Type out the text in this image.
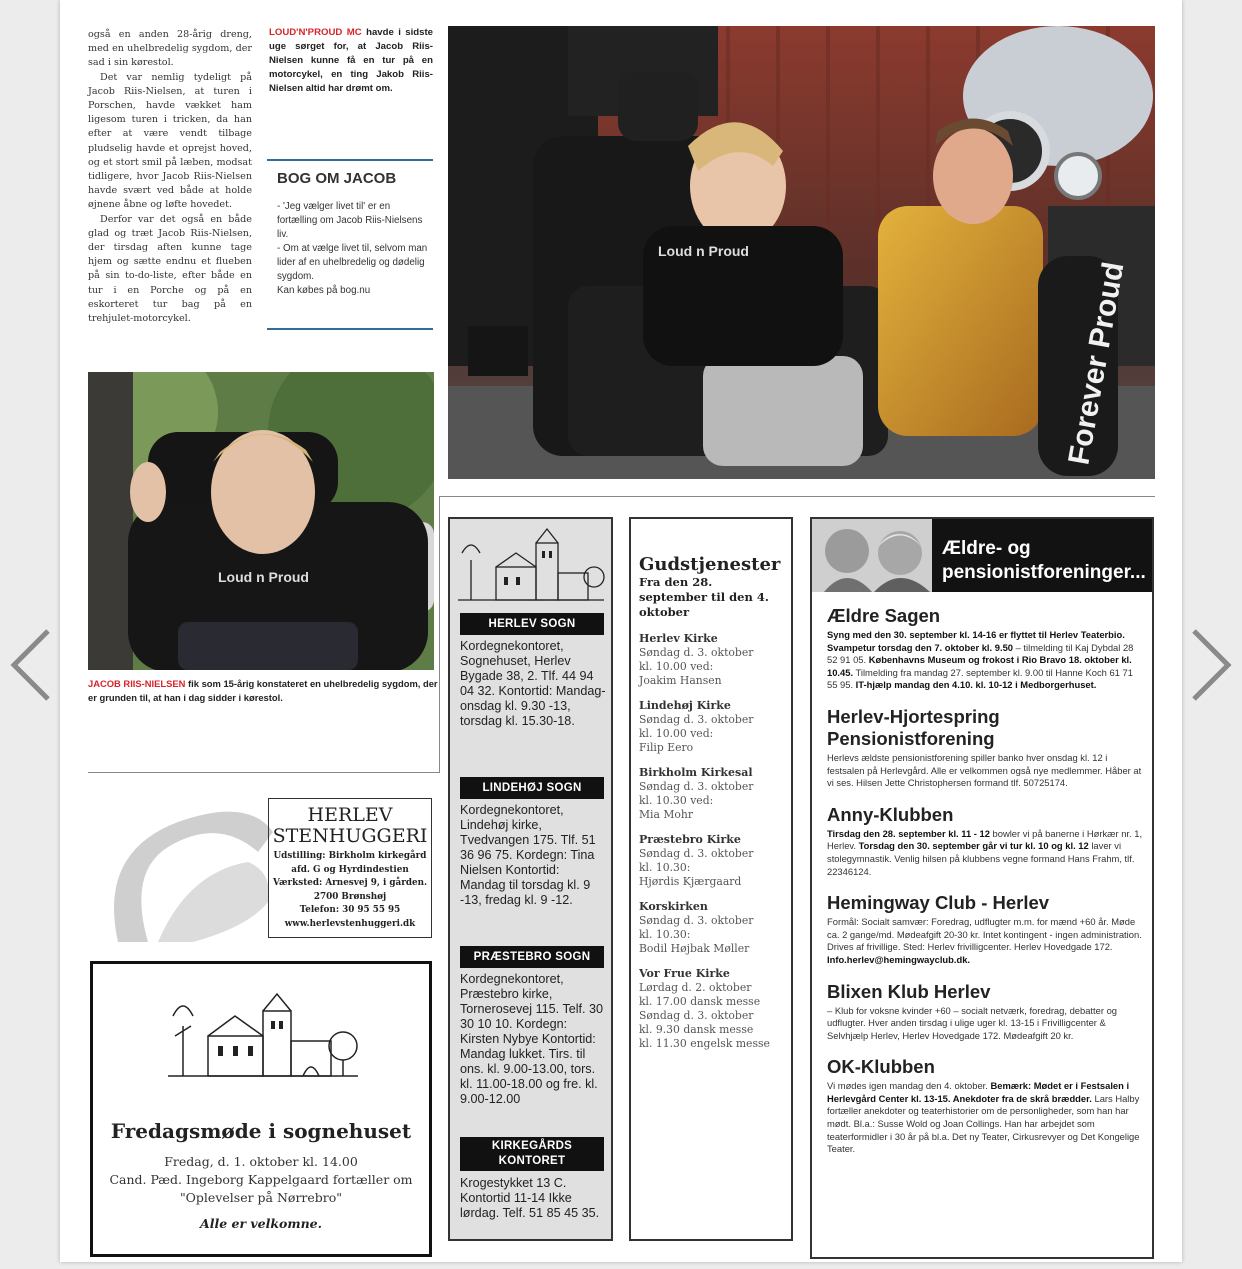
også en anden 28-årig dreng, med en uhelbredelig sygdom, der sad i sin kørestol.

Det var nemlig tydeligt på Jacob Riis-Nielsen, at turen i Porschen, havde vækket ham ligesom turen i tricken, da han efter at være vendt tilbage pludselig havde et oprejst hoved, og et stort smil på læben, modsat tidligere, hvor Jacob Riis-Nielsen havde svært ved både at holde øjnene åbne og løfte hovedet.

Derfor var det også en både glad og træt Jacob Riis-Nielsen, der tirsdag aften kunne tage hjem og sætte endnu et flueben på sin to-do-liste, efter både en tur i en Porche og på en eskorteret tur bag på en trehjulet-motorcykel.

LOUD'N'PROUD MC havde i sidste uge sørget for, at Jacob Riis-Nielsen kunne få en tur på en motorcykel, en ting Jakob Riis-Nielsen altid har drømt om.
BOG OM JACOB
- 'Jeg vælger livet til' er en fortælling om Jacob Riis-Nielsens liv.
- Om at vælge livet til, selvom man lider af en uhelbredelig og dødelig sygdom.
Kan købes på bog.nu
Loud n Proud
Forever Proud
Loud n Proud
JACOB RIIS-NIELSEN fik som 15-årig konstateret en uhelbredelig sygdom, der er grunden til, at han i dag sidder i kørestol.
HERLEV STENHUGGERI
Udstilling: Birkholm kirkegård
afd. G og Hyrdindestien
Værksted: Arnesvej 9, i gården.
2700 Brønshøj
Telefon: 30 95 55 95
www.herlevstenhuggeri.dk
Fredagsmøde i sognehuset
Fredag, d. 1. oktober kl. 14.00
Cand. Pæd. Ingeborg Kappelgaard fortæller om
"Oplevelser på Nørrebro"
Alle er velkomne.
HERLEV SOGN
Kordegnekontoret, Sognehuset, Herlev Bygade 38, 2. Tlf. 44 94 04 32. Kontortid: Mandag-onsdag kl. 9.30 -13, torsdag kl. 15.30-18.
LINDEHØJ SOGN
Kordegnekontoret, Lindehøj kirke, Tvedvangen 175. Tlf. 51 36 96 75. Kordegn: Tina Nielsen Kontortid: Mandag til torsdag kl. 9 -13, fredag kl. 9 -12.
PRÆSTEBRO SOGN
Kordegnekontoret, Præstebro kirke, Tornerosevej 115. Telf. 30 30 10 10. Kordegn: Kirsten Nybye Kontortid: Mandag lukket. Tirs. til ons. kl. 9.00-13.00, tors. kl. 11.00-18.00 og fre. kl. 9.00-12.00
KIRKEGÅRDS KONTORET
Krogestykket 13 C. Kontortid 11-14 Ikke lørdag. Telf. 51 85 45 35.
Gudstjenester
Fra den 28. september til den 4. oktober
Herlev Kirke
Søndag d. 3. oktober
kl. 10.00 ved:
Joakim Hansen
Lindehøj Kirke
Søndag d. 3. oktober
kl. 10.00 ved:
Filip Eero
Birkholm Kirkesal
Søndag d. 3. oktober
kl. 10.30 ved:
Mia Mohr
Præstebro Kirke
Søndag d. 3. oktober
kl. 10.30:
Hjørdis Kjærgaard
Korskirken
Søndag d. 3. oktober
kl. 10.30:
Bodil Højbak Møller
Vor Frue Kirke
Lørdag d. 2. oktober
kl. 17.00 dansk messe
Søndag d. 3. oktober
kl. 9.30 dansk messe
kl. 11.30 engelsk messe
Ældre- og pensionistforeninger...
Ældre Sagen

Syng med den 30. september kl. 14-16 er flyttet til Herlev Teaterbio. Svampetur torsdag den 7. oktober kl. 9.50 – tilmelding til Kaj Dybdal 28 52 91 05. Københavns Museum og frokost i Rio Bravo 18. oktober kl. 10.45. Tilmelding fra mandag 27. september kl. 9.00 til Hanne Koch 61 71 55 95. IT-hjælp mandag den 4.10. kl. 10-12 i Medborgerhuset.

Herlev-Hjortespring Pensionistforening

Herlevs ældste pensionistforening spiller banko hver onsdag kl. 12 i festsalen på Herlevgård. Alle er velkommen også nye medlemmer. Håber at vi ses. Hilsen Jette Christophersen formand tlf. 50725174.

Anny-Klubben

Tirsdag den 28. september kl. 11 - 12 bowler vi på banerne i Hørkær nr. 1, Herlev. Torsdag den 30. september går vi tur kl. 10 og kl. 12 laver vi stolegymnastik. Venlig hilsen på klubbens vegne formand Hans Frahm, tlf. 22346124.

Hemingway Club - Herlev

Formål: Socialt samvær: Foredrag, udflugter m.m. for mænd +60 år. Møde ca. 2 gange/md. Mødeafgift 20-30 kr. Intet kontingent - ingen administration. Drives af frivillige. Sted: Herlev frivilligcenter. Herlev Hovedgade 172. Info.herlev@hemingwayclub.dk.

Blixen Klub Herlev

– Klub for voksne kvinder +60 – socialt netværk, foredrag, debatter og udflugter. Hver anden tirsdag i ulige uger kl. 13-15 i Frivilligcenter & Selvhjælp Herlev, Herlev Hovedgade 172. Mødeafgift 20 kr.

OK-Klubben

Vi mødes igen mandag den 4. oktober. Bemærk: Mødet er i Festsalen i Herlevgård Center kl. 13-15. Anekdoter fra de skrå brædder. Lars Halby fortæller anekdoter og teaterhistorier om de personligheder, som han har mødt. Bl.a.: Susse Wold og Joan Collings. Han har arbejdet som teaterformidler i 30 år på bl.a. Det ny Teater, Cirkusrevyer og Det Kongelige Teater.
